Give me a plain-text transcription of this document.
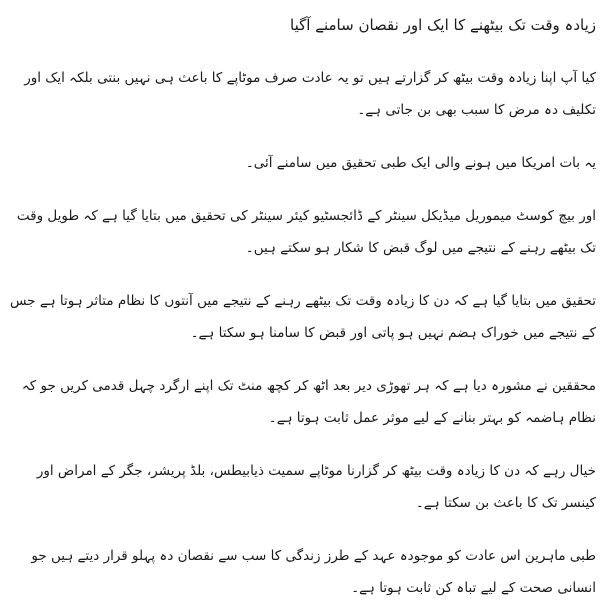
زیادہ وقت تک بیٹھنے کا ایک اور نقصان سامنے آگیا

کیا آپ اپنا زیادہ وقت بیٹھ کر گزارتے ہیں تو یہ عادت صرف موٹاپے کا باعث ہی نہیں بنتی بلکہ ایک اور تکلیف دہ مرض کا سبب بھی بن جاتی ہے۔

یہ بات امریکا میں ہونے والی ایک طبی تحقیق میں سامنے آئی۔

اور بیچ کوسٹ میموریل میڈیکل سینٹر کے ڈائجسٹیو کیئر سینٹر کی تحقیق میں بتایا گیا ہے کہ طویل وقت تک بیٹھے رہنے کے نتیجے میں لوگ قبض کا شکار ہو سکتے ہیں۔

تحقیق میں بتایا گیا ہے کہ دن کا زیادہ وقت تک بیٹھے رہنے کے نتیجے میں آنتوں کا نظام متاثر ہوتا ہے جس کے نتیجے میں خوراک ہضم نہیں ہو پاتی اور قبض کا سامنا ہو سکتا ہے۔

محققین نے مشورہ دیا ہے کہ ہر تھوڑی دیر بعد اٹھ کر کچھ منٹ تک اپنے ارگرد چہل قدمی کریں جو کہ نظام ہاضمہ کو بہتر بنانے کے لیے موثر عمل ثابت ہوتا ہے۔

خیال رہے کہ دن کا زیادہ وقت بیٹھ کر گزارنا موٹاپے سمیت ذیابیطس، بلڈ پریشر، جگر کے امراض اور کینسر تک کا باعث بن سکتا ہے۔

طبی ماہرین اس عادت کو موجودہ عہد کے طرز زندگی کا سب سے نقصان دہ پہلو قرار دیتے ہیں جو انسانی صحت کے لیے تباہ کن ثابت ہوتا ہے۔
